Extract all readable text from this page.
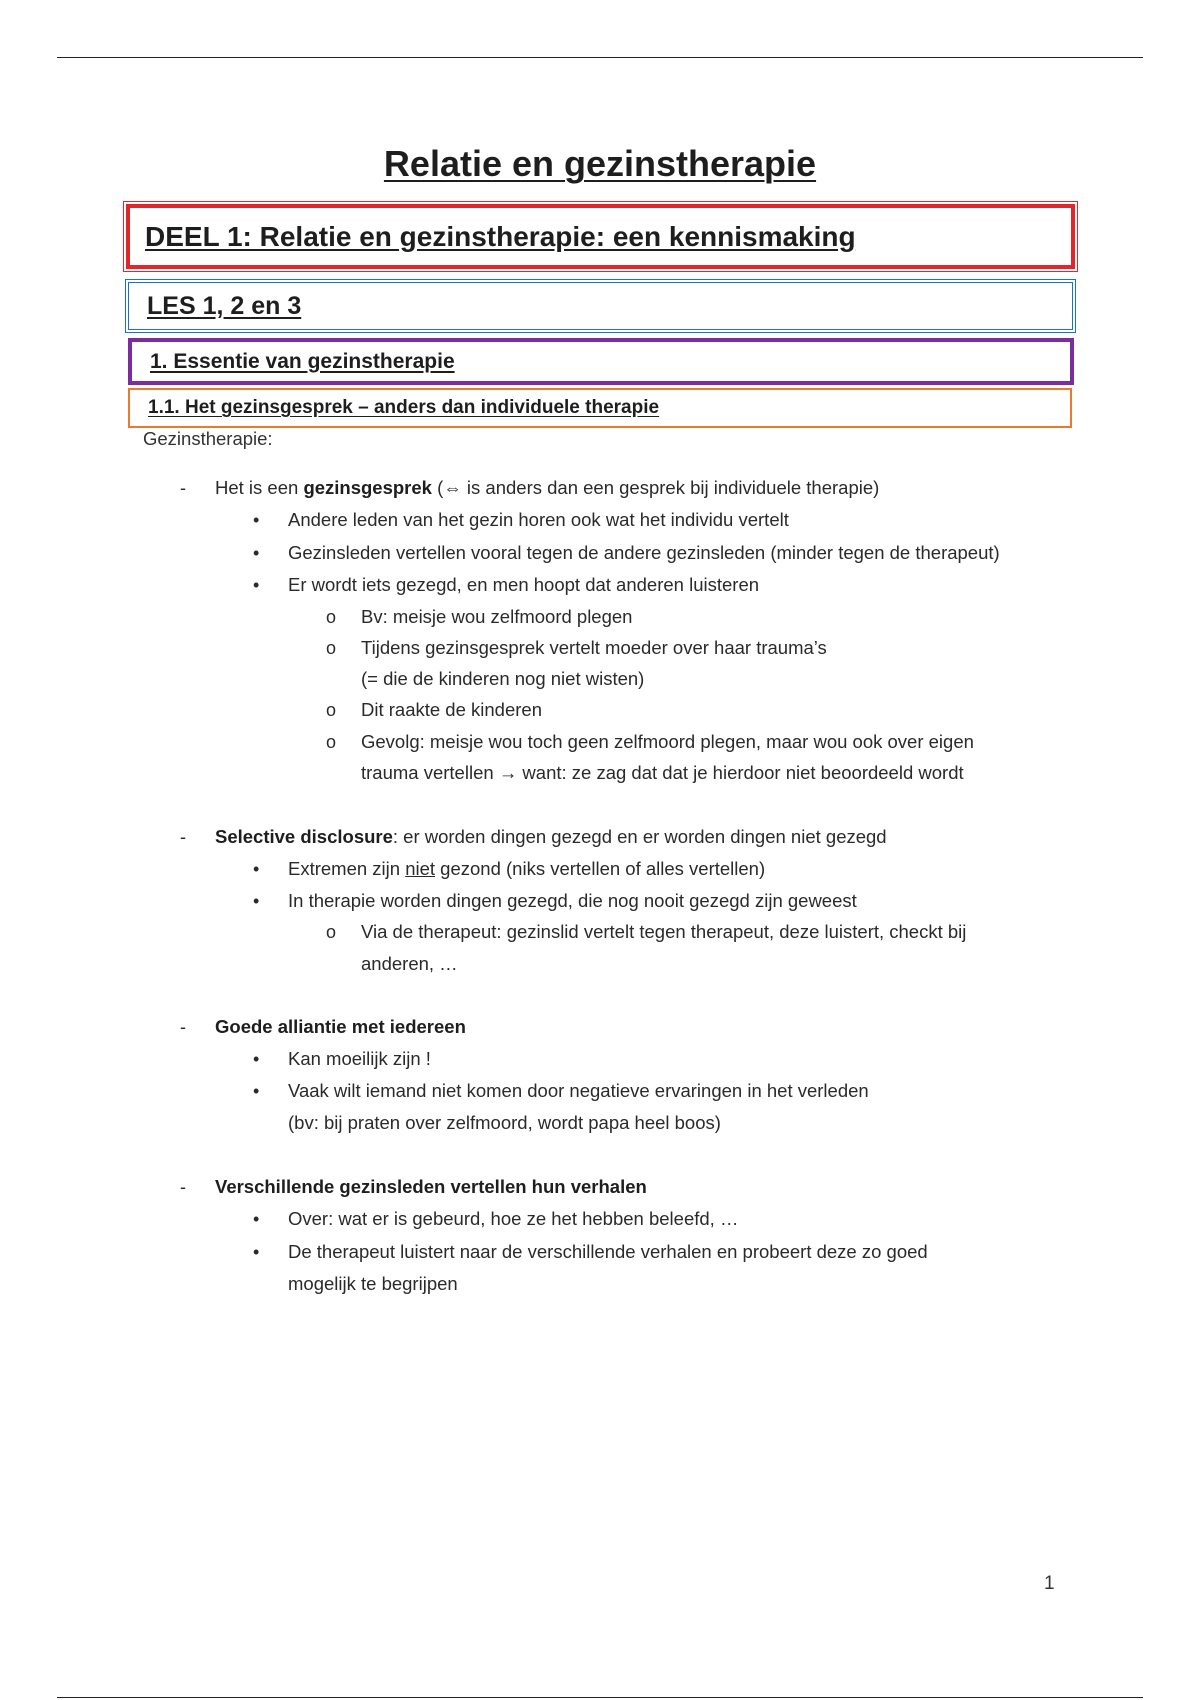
Relatie en gezinstherapie
DEEL 1: Relatie en gezinstherapie: een kennismaking
LES 1, 2 en 3
1. Essentie van gezinstherapie
1.1. Het gezinsgesprek – anders dan individuele therapie
Gezinstherapie:
- Het is een gezinsgesprek (⇔ is anders dan een gesprek bij individuele therapie)
• Andere leden van het gezin horen ook wat het individu vertelt
• Gezinsleden vertellen vooral tegen de andere gezinsleden (minder tegen de therapeut)
• Er wordt iets gezegd, en men hoopt dat anderen luisteren
o Bv: meisje wou zelfmoord plegen
o Tijdens gezinsgesprek vertelt moeder over haar trauma’s
(= die de kinderen nog niet wisten)
o Dit raakte de kinderen
o Gevolg: meisje wou toch geen zelfmoord plegen, maar wou ook over eigen
trauma vertellen → want: ze zag dat dat je hierdoor niet beoordeeld wordt
- Selective disclosure: er worden dingen gezegd en er worden dingen niet gezegd
• Extremen zijn niet gezond (niks vertellen of alles vertellen)
• In therapie worden dingen gezegd, die nog nooit gezegd zijn geweest
o Via de therapeut: gezinslid vertelt tegen therapeut, deze luistert, checkt bij
anderen, …
- Goede alliantie met iedereen
• Kan moeilijk zijn !
• Vaak wilt iemand niet komen door negatieve ervaringen in het verleden
(bv: bij praten over zelfmoord, wordt papa heel boos)
- Verschillende gezinsleden vertellen hun verhalen
• Over: wat er is gebeurd, hoe ze het hebben beleefd, …
• De therapeut luistert naar de verschillende verhalen en probeert deze zo goed
mogelijk te begrijpen
1
